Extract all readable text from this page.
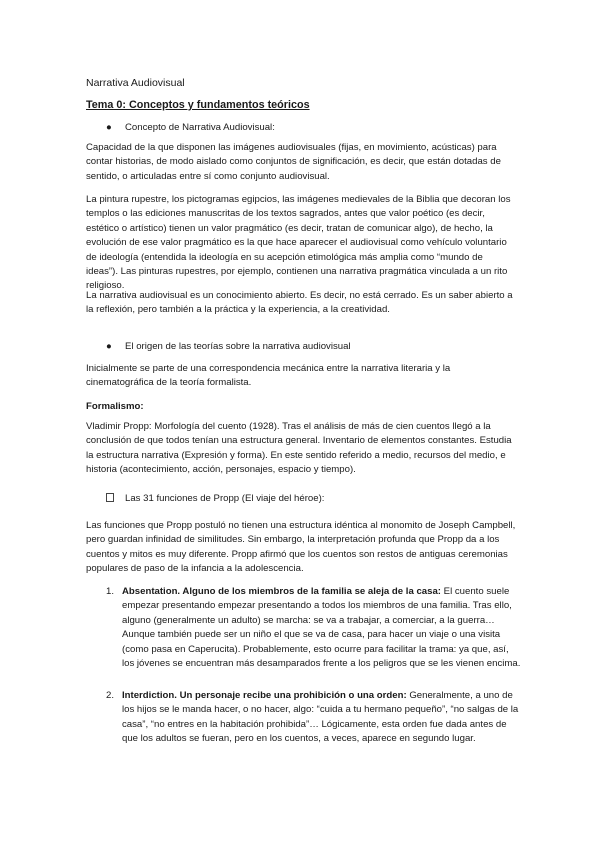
Narrativa Audiovisual

Tema 0: Conceptos y fundamentos teóricos

●	Concepto de Narrativa Audiovisual:

Capacidad de la que disponen las imágenes audiovisuales (fijas, en movimiento, acústicas) para contar historias, de modo aislado como conjuntos de significación, es decir, que están dotadas de sentido, o articuladas entre sí como conjunto audiovisual.

La pintura rupestre, los pictogramas egipcios, las imágenes medievales de la Biblia que decoran los templos o las ediciones manuscritas de los textos sagrados, antes que valor poético (es decir, estético o artístico) tienen un valor pragmático (es decir, tratan de comunicar algo), de hecho, la evolución de ese valor pragmático es la que hace aparecer el audiovisual como vehículo voluntario de ideología (entendida la ideología en su acepción etimológica más amplia como “mundo de ideas”). Las pinturas rupestres, por ejemplo, contienen una narrativa pragmática vinculada a un rito religioso.

La narrativa audiovisual es un conocimiento abierto. Es decir, no está cerrado. Es un saber abierto a la reflexión, pero también a la práctica y la experiencia, a la creatividad.

●	El origen de las teorías sobre la narrativa audiovisual

Inicialmente se parte de una correspondencia mecánica entre la narrativa literaria y la cinematográfica de la teoría formalista.

Formalismo:

Vladimir Propp: Morfología del cuento (1928). Tras el análisis de más de cien cuentos llegó a la conclusión de que todos tenían una estructura general. Inventario de elementos constantes. Estudia la estructura narrativa (Expresión y forma). En este sentido referido a medio, recursos del medio, e historia (acontecimiento, acción, personajes, espacio y tiempo).

Las 31 funciones de Propp (El viaje del héroe):

Las funciones que Propp postuló no tienen una estructura idéntica al monomito de Joseph Campbell, pero guardan infinidad de similitudes. Sin embargo, la interpretación profunda que Propp da a los cuentos y mitos es muy diferente. Propp afirmó que los cuentos son restos de antiguas ceremonias populares de paso de la infancia a la adolescencia.

1. Absentation. Alguno de los miembros de la familia se aleja de la casa: El cuento suele empezar presentando empezar presentando a todos los miembros de una familia. Tras ello, alguno (generalmente un adulto) se marcha: se va a trabajar, a comerciar, a la guerra… Aunque también puede ser un niño el que se va de casa, para hacer un viaje o una visita (como pasa en Caperucita). Probablemente, esto ocurre para facilitar la trama: ya que, así, los jóvenes se encuentran más desamparados frente a los peligros que se les vienen encima.
2. Interdiction. Un personaje recibe una prohibición o una orden: Generalmente, a uno de los hijos se le manda hacer, o no hacer, algo: “cuida a tu hermano pequeño”, “no salgas de la casa”, “no entres en la habitación prohibida”… Lógicamente, esta orden fue dada antes de que los adultos se fueran, pero en los cuentos, a veces, aparece en segundo lugar.
